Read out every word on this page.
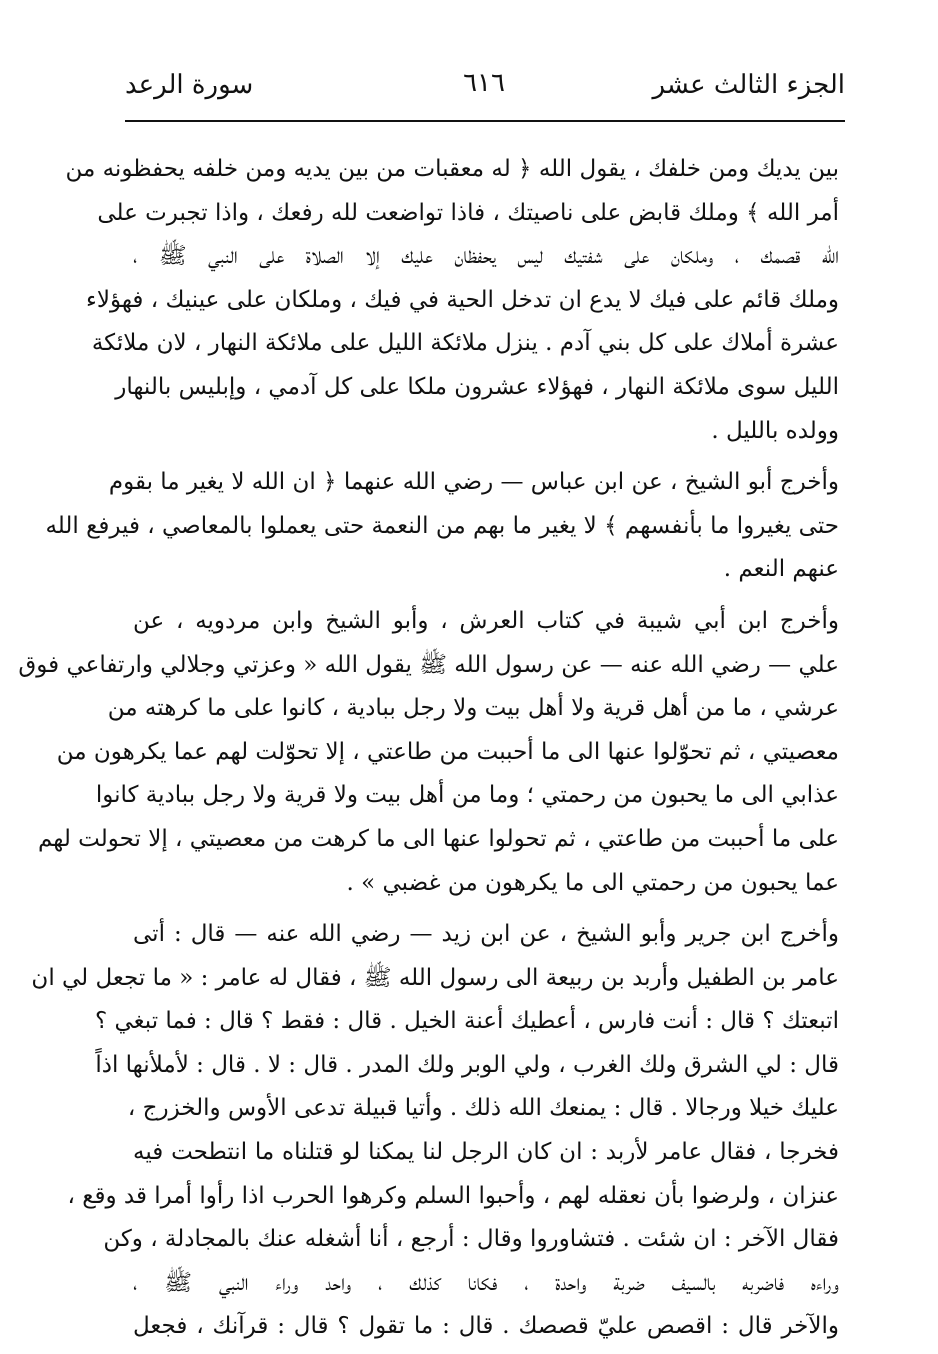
الجزء الثالث عشر
٦١٦
سورة الرعد
بين يديك ومن خلفك ، يقول الله ﴿ له معقبات من بين يديه ومن خلفه يحفظونه من
أمر الله ﴾ وملك قابض على ناصيتك ، فاذا تواضعت لله رفعك ، واذا تجبرت على
الله قصمك ، وملكان على شفتيك ليس يحفظان عليك إلا الصلاة على النبي ﷺ ،
وملك قائم على فيك لا يدع ان تدخل الحية في فيك ، وملكان على عينيك ، فهؤلاء
عشرة أملاك على كل بني آدم . ينزل ملائكة الليل على ملائكة النهار ، لان ملائكة
الليل سوى ملائكة النهار ، فهؤلاء عشرون ملكا على كل آدمي ، وإبليس بالنهار
وولده بالليل .
وأخرج أبو الشيخ ، عن ابن عباس — رضي الله عنهما ﴿ ان الله لا يغير ما بقوم
حتى يغيروا ما بأنفسهم ﴾ لا يغير ما بهم من النعمة حتى يعملوا بالمعاصي ، فيرفع الله
عنهم النعم .
وأخرج ابن أبي شيبة في كتاب العرش ، وأبو الشيخ وابن مردويه ، عن
علي — رضي الله عنه — عن رسول الله ﷺ يقول الله « وعزتي وجلالي وارتفاعي فوق
عرشي ، ما من أهل قرية ولا أهل بيت ولا رجل ببادية ، كانوا على ما كرهته من
معصيتي ، ثم تحوّلوا عنها الى ما أحببت من طاعتي ، إلا تحوّلت لهم عما يكرهون من
عذابي الى ما يحبون من رحمتي ؛ وما من أهل بيت ولا قرية ولا رجل ببادية كانوا
على ما أحببت من طاعتي ، ثم تحولوا عنها الى ما كرهت من معصيتي ، إلا تحولت لهم
عما يحبون من رحمتي الى ما يكرهون من غضبي » .
وأخرج ابن جرير وأبو الشيخ ، عن ابن زيد — رضي الله عنه — قال : أتى
عامر بن الطفيل وأربد بن ربيعة الى رسول الله ﷺ ، فقال له عامر : « ما تجعل لي ان
اتبعتك ؟ قال : أنت فارس ، أعطيك أعنة الخيل . قال : فقط ؟ قال : فما تبغي ؟
قال : لي الشرق ولك الغرب ، ولي الوبر ولك المدر . قال : لا . قال : لأملأنها اذاً
عليك خيلا ورجالا . قال : يمنعك الله ذلك . وأتيا قبيلة تدعى الأوس والخزرج ،
فخرجا ، فقال عامر لأربد : ان كان الرجل لنا يمكنا لو قتلناه ما انتطحت فيه
عنزان ، ولرضوا بأن نعقله لهم ، وأحبوا السلم وكرهوا الحرب اذا رأوا أمرا قد وقع ،
فقال الآخر : ان شئت . فتشاوروا وقال : أرجع ، أنا أشغله عنك بالمجادلة ، وكن
وراءه فاضربه بالسيف ضربة واحدة ، فكانا كذلك ، واحد وراء النبي ﷺ ،
والآخر قال : اقصص عليّ قصصك . قال : ما تقول ؟ قال : قرآنك ، فجعل
